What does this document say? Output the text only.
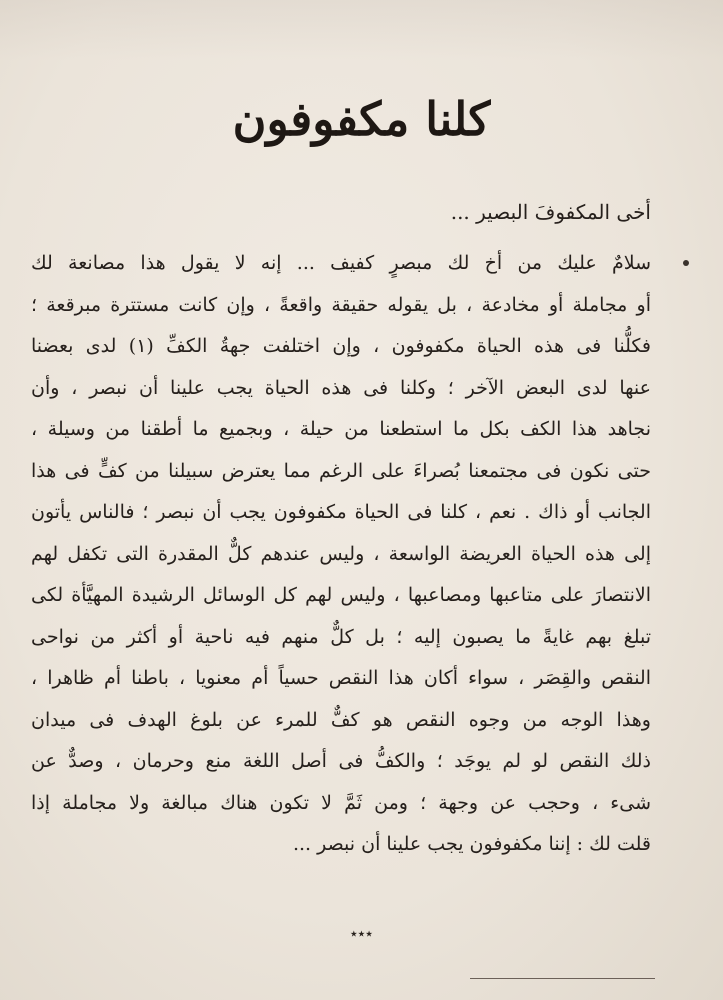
كلنا مكفوفون
أخى المكفوفَ البصير ...
سلامٌ عليك من أخ لك مبصرٍ كفيف ... إنه لا يقول هذا مصانعة لك
أو مجاملة أو مخادعة ، بل يقوله حقيقة واقعةً ، وإن كانت مستترة مبرقعة ؛
فكلُّنا فى هذه الحياة مكفوفون ، وإن اختلفت جهةُ الكفِّ (١) لدى بعضنا
عنها لدى البعض الآخر ؛ وكلنا فى هذه الحياة يجب علينا أن نبصر ، وأن
نجاهد هذا الكف بكل ما استطعنا من حيلة ، وبجميع ما أطقنا من وسيلة ،
حتى نكون فى مجتمعنا بُصراءَ على الرغم مما يعترض سبيلنا من كفٍّ فى هذا
الجانب أو ذاك . نعم ، كلنا فى الحياة مكفوفون يجب أن نبصر ؛ فالناس يأتون
إلى هذه الحياة العريضة الواسعة ، وليس عندهم كلٌّ المقدرة التى تكفل لهم
الانتصارَ على متاعبها ومصاعبها ، وليس لهم كل الوسائل الرشيدة المهيَّأة لكى
تبلغ بهم غايةً ما يصبون إليه ؛ بل كلٌّ منهم فيه ناحية أو أكثر من نواحى
النقص والقِصَر ، سواء أكان هذا النقص حسياً أم معنويا ، باطنا أم ظاهرا ،
وهذا الوجه من وجوه النقص هو كفٌّ للمرء عن بلوغ الهدف فى ميدان
ذلك النقص لو لم يوجَد ؛ والكفُّ فى أصل اللغة منع وحرمان ، وصدٌّ عن
شىء ، وحجب عن وجهة ؛ ومن ثَمَّ لا تكون هناك مبالغة ولا مجاملة إذا
قلت لك : إننا مكفوفون يجب علينا أن نبصر ...
٭٭٭
